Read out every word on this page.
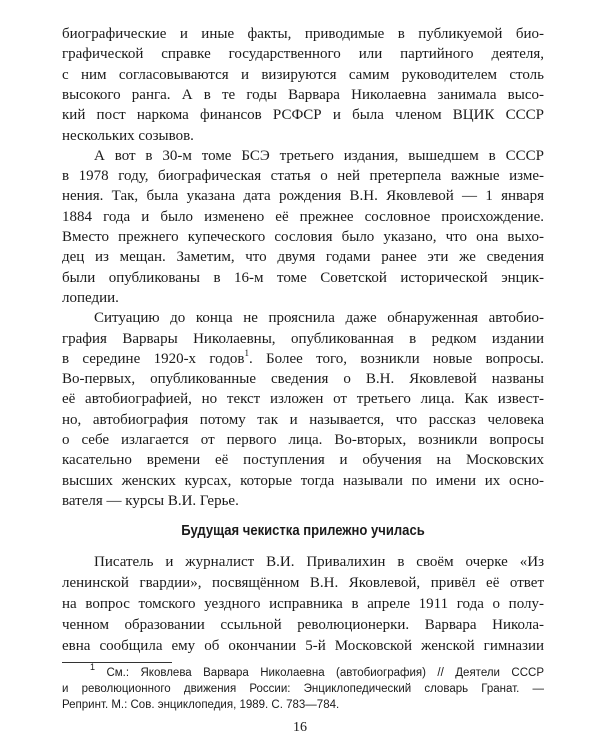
биографические и иные факты, приводимые в публикуемой био-

графической справке государственного или партийного деятеля,

с ним согласовываются и визируются самим руководителем столь

высокого ранга. А в те годы Варвара Николаевна занимала высо-

кий пост наркома финансов РСФСР и была членом ВЦИК СССР

нескольких созывов.

А вот в 30-м томе БСЭ третьего издания, вышедшем в СССР

в 1978 году, биографическая статья о ней претерпела важные изме-

нения. Так, была указана дата рождения В.Н. Яковлевой — 1 января

1884 года и было изменено её прежнее сословное происхождение.

Вместо прежнего купеческого сословия было указано, что она выхо-

дец из мещан. Заметим, что двумя годами ранее эти же сведения

были опубликованы в 16-м томе Советской исторической энцик-

лопедии.

Ситуацию до конца не прояснила даже обнаруженная автобио-

графия Варвары Николаевны, опубликованная в редком издании

в середине 1920-х годов$^1$. Более того, возникли новые вопросы.

Во-первых, опубликованные сведения о В.Н. Яковлевой названы

её автобиографией, но текст изложен от третьего лица. Как извест-

но, автобиография потому так и называется, что рассказ человека

о себе излагается от первого лица. Во-вторых, возникли вопросы

касательно времени её поступления и обучения на Московских

Будущая чекистка прилежно училась

Писатель и журналист В.И. Привалихин в своём очерке «Из

ленинской гвардии», посвящённом В.Н. Яковлевой, привёл её ответ

на вопрос томского уездного исправника в апреле 1911 года о полу-

$^1$ См.: Яковлева Варвара Николаевна (автобиография) // Деятели СССР

и революционного движения России: Энциклопедический словарь Гранат. —

Репринт. М.: Сов. энциклопедия, 1989. С. 783—784.

16

высших женских курсах, которые тогда называли по имени их осно-

вателя — курсы В.И. Герье.

ченном образовании ссыльной революционерки. Варвара Никола-

евна сообщила ему об окончании 5-й Московской женской гимназии
